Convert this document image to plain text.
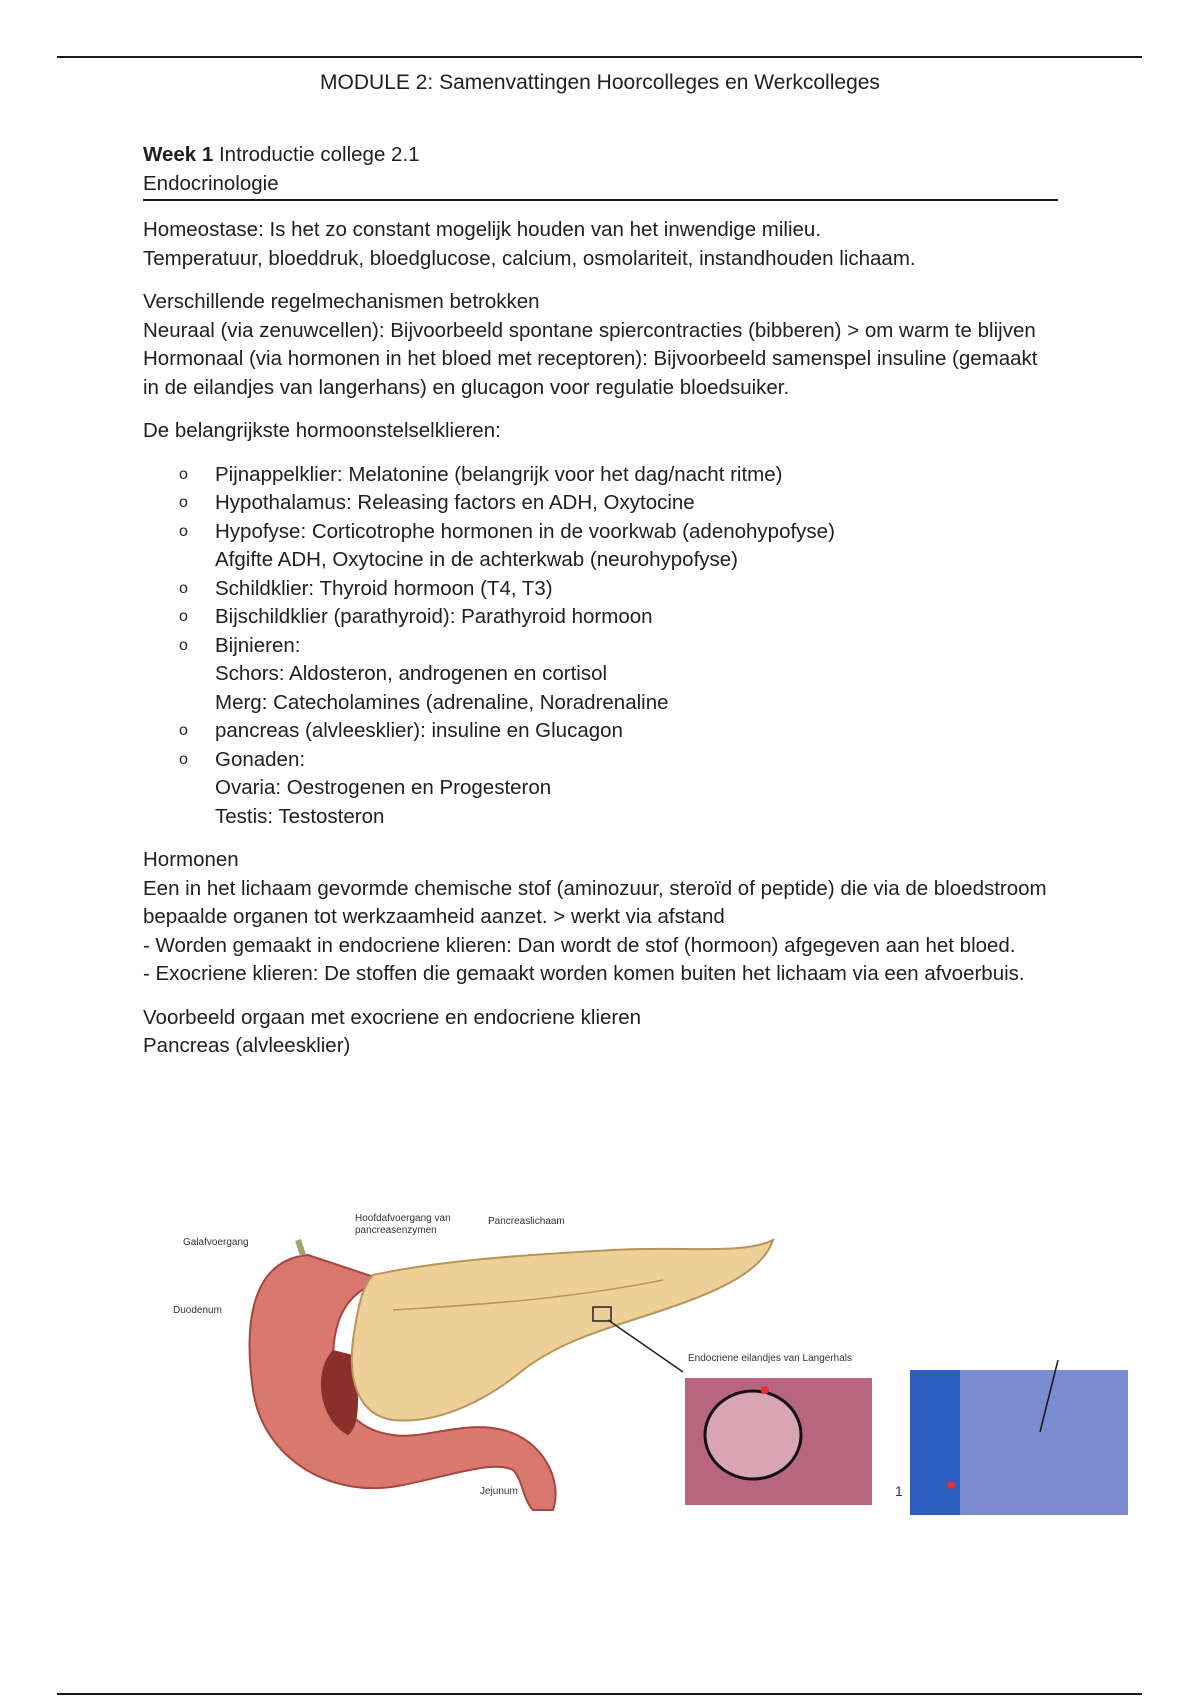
MODULE 2: Samenvattingen Hoorcolleges en Werkcolleges

Week 1 Introductie college 2.1

Endocrinologie

Homeostase: Is het zo constant mogelijk houden van het inwendige milieu.

Temperatuur, bloeddruk, bloedglucose, calcium, osmolariteit, instandhouden lichaam.

Verschillende regelmechanismen betrokken

Neuraal (via zenuwcellen): Bijvoorbeeld spontane spiercontracties (bibberen) > om warm te blijven

Hormonaal (via hormonen in het bloed met receptoren): Bijvoorbeeld samenspel insuline (gemaakt in de eilandjes van langerhans) en glucagon voor regulatie bloedsuiker.

De belangrijkste hormoonstelselklieren:

o Pijnappelklier: Melatonine (belangrijk voor het dag/nacht ritme)
o Hypothalamus: Releasing factors en ADH, Oxytocine
o Hypofyse: Corticotrophe hormonen in de voorkwab (adenohypofyse)
Afgifte ADH, Oxytocine in de achterkwab (neurohypofyse)
o Schildklier: Thyroid hormoon (T4, T3)
o Bijschildklier (parathyroid): Parathyroid hormoon
o Bijnieren:
Schors: Aldosteron, androgenen en cortisol
Merg: Catecholamines (adrenaline, Noradrenaline
o pancreas (alvleesklier): insuline en Glucagon
o Gonaden:
Ovaria: Oestrogenen en Progesteron
Testis: Testosteron

Hormonen

Een in het lichaam gevormde chemische stof (aminozuur, steroïd of peptide) die via de bloedstroom bepaalde organen tot werkzaamheid aanzet. > werkt via afstand

- Worden gemaakt in endocriene klieren: Dan wordt de stof (hormoon) afgegeven aan het bloed.

- Exocriene klieren: De stoffen die gemaakt worden komen buiten het lichaam via een afvoerbuis.

Voorbeeld orgaan met exocriene en endocriene klieren

Pancreas (alvleesklier)

Galafvoergang
Duodenum
Hoofdafvoergang van
pancreasenzymen
Pancreaslichaam
Endocriene eilandjes van Langerhals
Jejunum	1
